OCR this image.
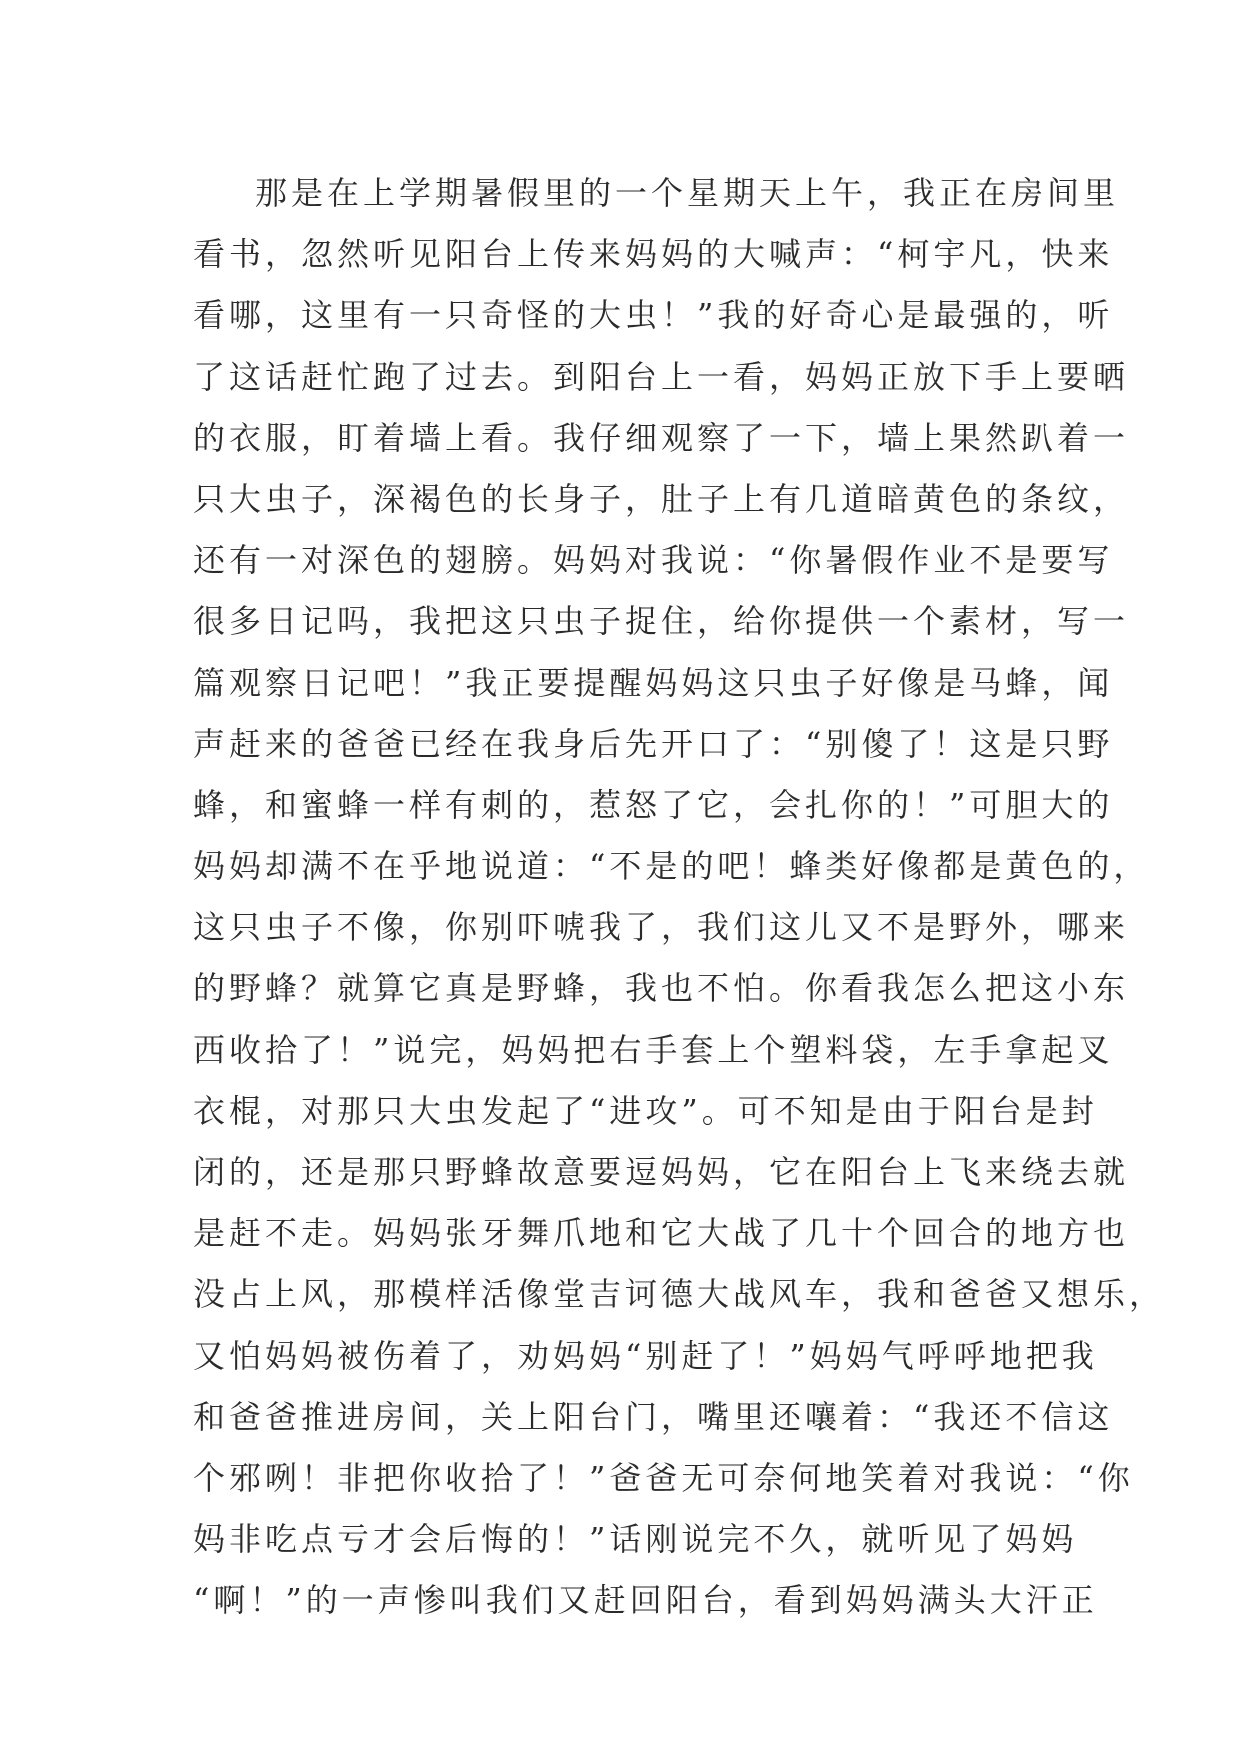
那是在上学期暑假里的一个星期天上午，我正在房间里
看书，忽然听见阳台上传来妈妈的大喊声：“柯宇凡，快来
看哪，这里有一只奇怪的大虫！”我的好奇心是最强的，听
了这话赶忙跑了过去。到阳台上一看，妈妈正放下手上要晒
的衣服，盯着墙上看。我仔细观察了一下，墙上果然趴着一
只大虫子，深褐色的长身子，肚子上有几道暗黄色的条纹，
还有一对深色的翅膀。妈妈对我说：“你暑假作业不是要写
很多日记吗，我把这只虫子捉住，给你提供一个素材，写一
篇观察日记吧！”我正要提醒妈妈这只虫子好像是马蜂，闻
声赶来的爸爸已经在我身后先开口了：“别傻了！这是只野
蜂，和蜜蜂一样有刺的，惹怒了它，会扎你的！”可胆大的
妈妈却满不在乎地说道：“不是的吧！蜂类好像都是黄色的，
这只虫子不像，你别吓唬我了，我们这儿又不是野外，哪来
的野蜂？就算它真是野蜂，我也不怕。你看我怎么把这小东
西收拾了！”说完，妈妈把右手套上个塑料袋，左手拿起叉
衣棍，对那只大虫发起了“进攻”。可不知是由于阳台是封
闭的，还是那只野蜂故意要逗妈妈，它在阳台上飞来绕去就
是赶不走。妈妈张牙舞爪地和它大战了几十个回合的地方也
没占上风，那模样活像堂吉诃德大战风车，我和爸爸又想乐，
又怕妈妈被伤着了，劝妈妈“别赶了！”妈妈气呼呼地把我
和爸爸推进房间，关上阳台门，嘴里还嚷着：“我还不信这
个邪咧！非把你收拾了！”爸爸无可奈何地笑着对我说：“你
妈非吃点亏才会后悔的！”话刚说完不久，就听见了妈妈
“啊！”的一声惨叫我们又赶回阳台，看到妈妈满头大汗正
